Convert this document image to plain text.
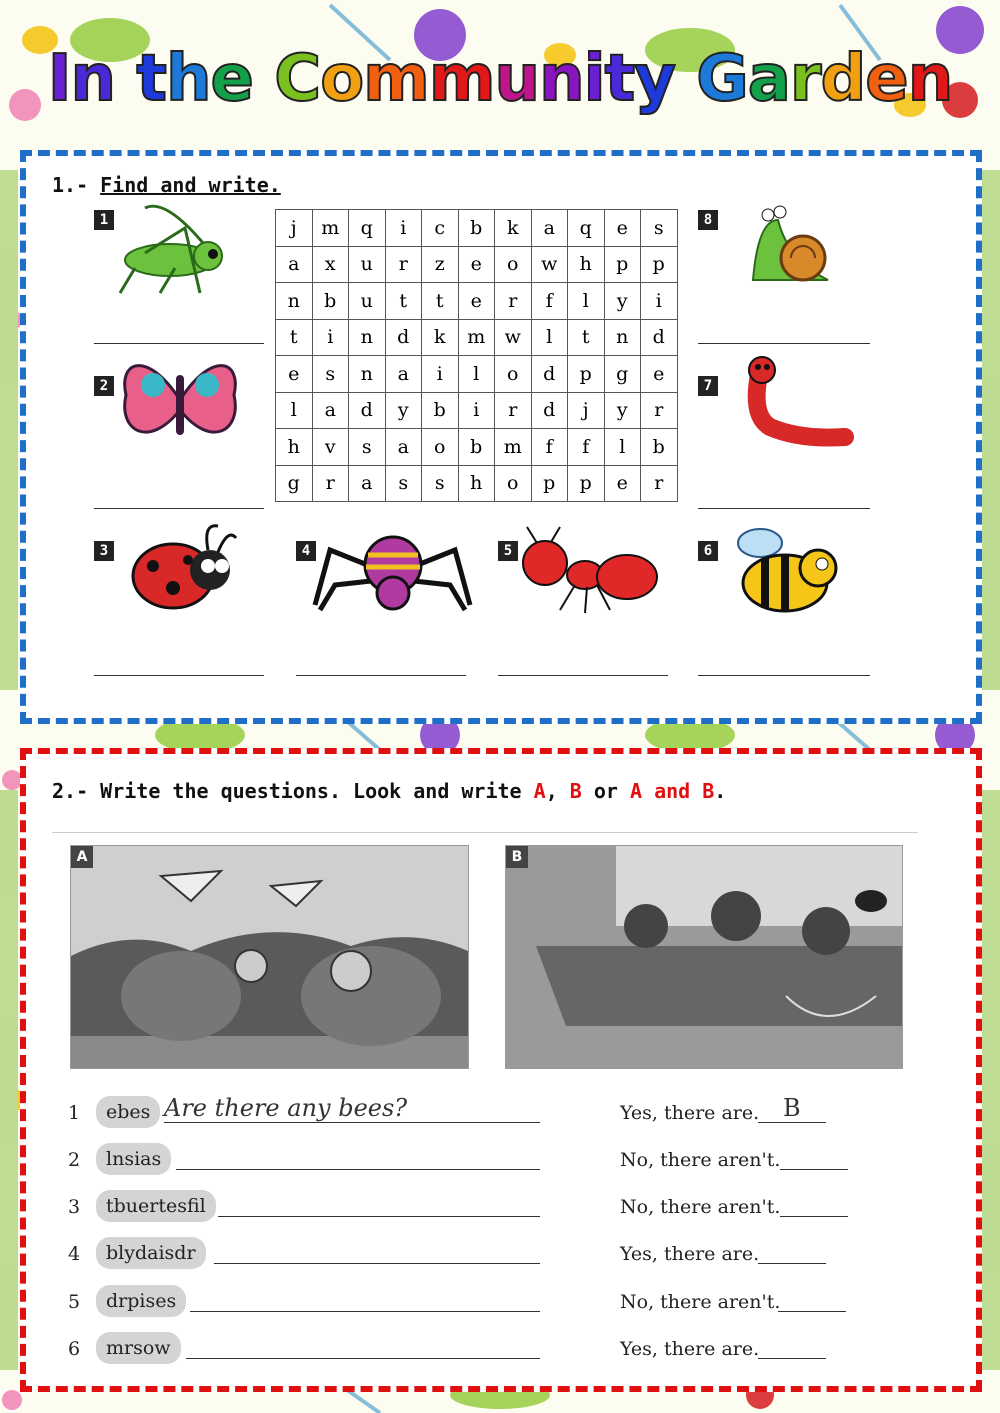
In the Community Garden
1.- Find and write.
j	m	q	i	c	b	k	a	q	e	s
a	x	u	r	z	e	o	w	h	p	p
n	b	u	t	t	e	r	f	l	y	i
t	i	n	d	k	m	w	l	t	n	d
e	s	n	a	i	l	o	d	p	g	e
l	a	d	y	b	i	r	d	j	y	r
h	v	s	a	o	b	m	f	f	l	b
g	r	a	s	s	h	o	p	p	e	r
1
2
3	4	5	6
7
8
2.- Write the questions. Look and write A, B or A and B.
A	B
1	ebes Are there any bees?	Yes, there are. B
2	lnsias	No, there aren't.
3	tbuertesfil	No, there aren't.
4	blydaisdr	Yes, there are.
5	drpises	No, there aren't.
6	mrsow	Yes, there are.
